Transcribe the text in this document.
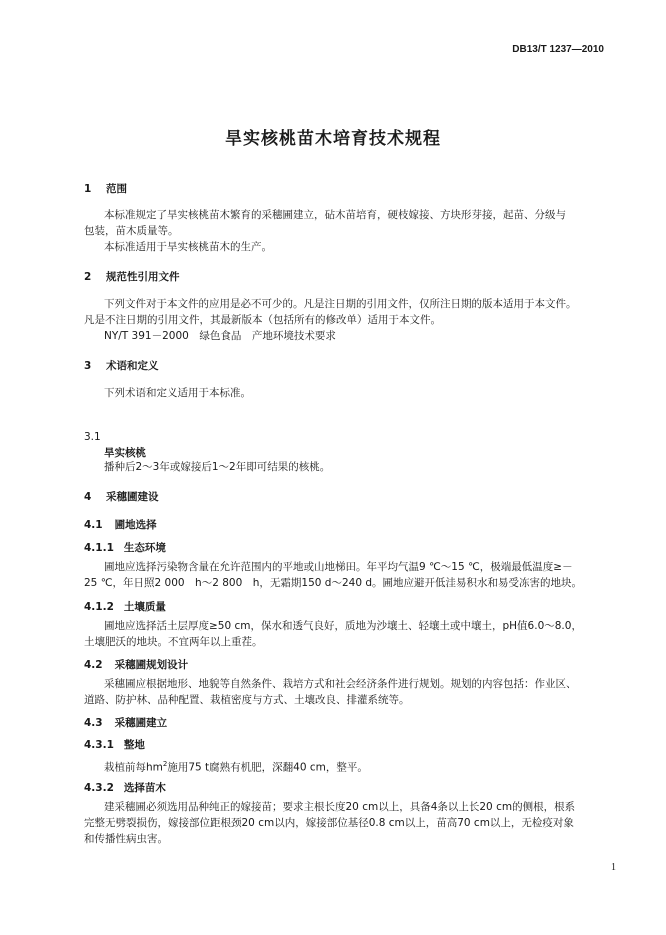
DB13/T 1237—2010
旱实核桃苗木培育技术规程
1 范围
本标准规定了旱实核桃苗木繁育的采穗圃建立，砧木苗培育，硬枝嫁接、方块形芽接，起苗、分级与
包装，苗木质量等。
本标准适用于旱实核桃苗木的生产。
2 规范性引用文件
下列文件对于本文件的应用是必不可少的。凡是注日期的引用文件，仅所注日期的版本适用于本文件。
凡是不注日期的引用文件，其最新版本（包括所有的修改单）适用于本文件。
NY/T 391－2000　绿色食品　产地环境技术要求
3 术语和定义
下列术语和定义适用于本标准。
3.1
旱实核桃
播种后2～3年或嫁接后1～2年即可结果的核桃。
4 采穗圃建设
4.1 圃地选择
4.1.1 生态环境
圃地应选择污染物含量在允许范围内的平地或山地梯田。年平均气温9 ℃～15 ℃，极端最低温度≥－
25 ℃，年日照2 000　h～2 800　h，无霜期150 d～240 d。圃地应避开低洼易积水和易受冻害的地块。
4.1.2 土壤质量
圃地应选择活土层厚度≥50 cm，保水和透气良好，质地为沙壤土、轻壤土或中壤土，pH值6.0～8.0，
土壤肥沃的地块。不宜两年以上重茬。
4.2 采穗圃规划设计
采穗圃应根据地形、地貌等自然条件、栽培方式和社会经济条件进行规划。规划的内容包括：作业区、
道路、防护林、品种配置、栽植密度与方式、土壤改良、排灌系统等。
4.3 采穗圃建立
4.3.1 整地
栽植前每$hm^2$施用75 t腐熟有机肥，深翻40 cm，整平。
4.3.2 选择苗木
建采穗圃必须选用品种纯正的嫁接苗；要求主根长度20 cm以上，具备4条以上长20 cm的侧根，根系
完整无劈裂损伤，嫁接部位距根颈20 cm以内，嫁接部位基径0.8 cm以上，苗高70 cm以上，无检疫对象
和传播性病虫害。
1
